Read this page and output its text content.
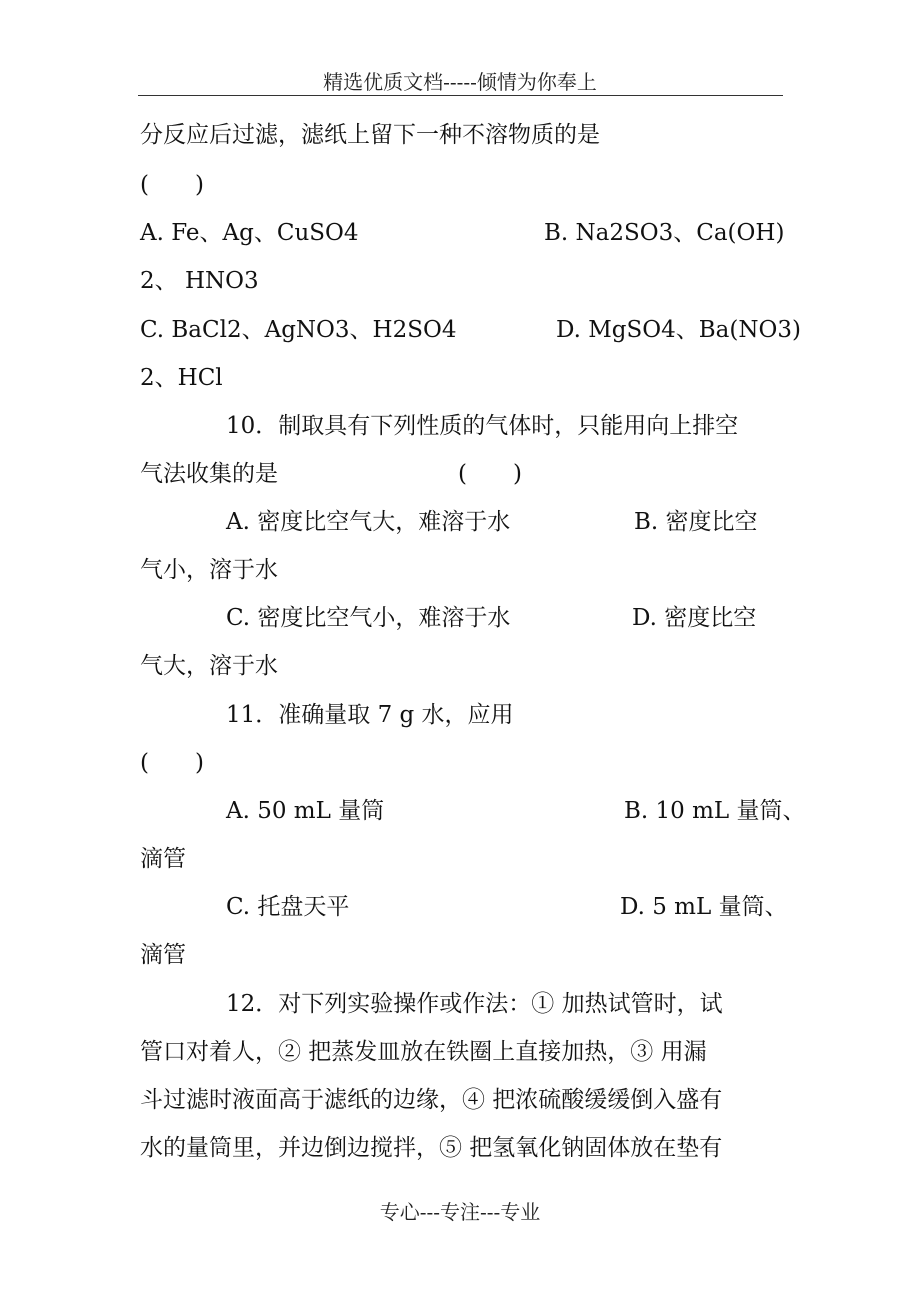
精选优质文档-----倾情为你奉上
分反应后过滤，滤纸上留下一种不溶物质的是
(　　)
A. Fe、Ag、CuSO4	B. Na2SO3、Ca(OH)
2、 HNO3
C. BaCl2、AgNO3、H2SO4	D. MgSO4、Ba(NO3)
2、HCl
10．制取具有下列性质的气体时，只能用向上排空
气法收集的是	(　　)
A. 密度比空气大，难溶于水	B. 密度比空
气小，溶于水
C. 密度比空气小，难溶于水	D. 密度比空
气大，溶于水
11．准确量取 7 g 水，应用
(　　)
A. 50 mL 量筒	B. 10 mL 量筒、
滴管
C. 托盘天平	D. 5 mL 量筒、
滴管
12．对下列实验操作或作法：① 加热试管时，试
管口对着人，② 把蒸发皿放在铁圈上直接加热，③ 用漏
斗过滤时液面高于滤纸的边缘，④ 把浓硫酸缓缓倒入盛有
水的量筒里，并边倒边搅拌，⑤ 把氢氧化钠固体放在垫有
专心---专注---专业
